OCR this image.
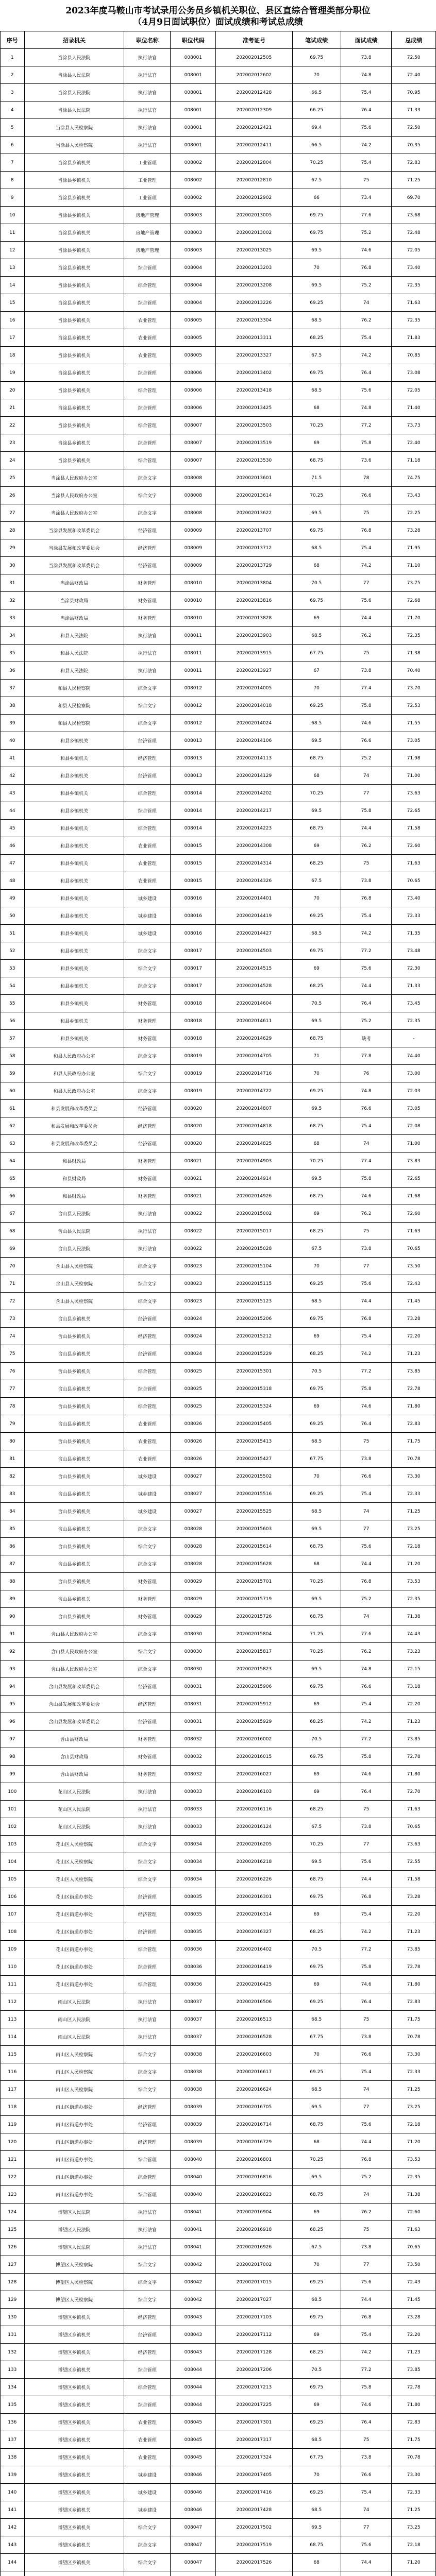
2023年度马鞍山市考试录用公务员乡镇机关职位、县区直综合管理类部分职位
（4月9日面试职位）面试成绩和考试总成绩
序号	招录机关	职位名称	职位代码	准考证号	笔试成绩	面试成绩	总成绩
1	当涂县人民法院	执行法官	008001	202002012505	69.75	73.8	72.50
2	当涂县人民法院	执行法官	008001	202002012602	70	74.8	72.40
3	当涂县人民法院	执行法官	008001	202002012428	66.5	75.4	70.95
4	当涂县人民法院	执行法官	008001	202002012309	66.25	76.4	71.33
5	当涂县人民检察院	执行法官	008001	202002012421	69.4	75.6	72.50
6	当涂县人民检察院	执行法官	008001	202002012411	66.5	74.2	70.35
7	当涂县乡镇机关	工业管理	008002	202002012804	70.25	75.4	72.83
8	当涂县乡镇机关	工业管理	008002	202002012810	67.5	75	71.25
9	当涂县乡镇机关	工业管理	008002	202002012902	66	73.4	69.70
10	当涂县乡镇机关	房地产管理	008003	202002013005	69.75	77.6	73.68
11	当涂县乡镇机关	房地产管理	008003	202002013002	69.75	75.2	72.48
12	当涂县乡镇机关	房地产管理	008003	202002013025	69.5	74.6	72.05
13	当涂县乡镇机关	综合管理	008004	202002013203	70	76.8	73.40
14	当涂县乡镇机关	综合管理	008004	202002013208	69.5	75.2	72.35
15	当涂县乡镇机关	综合管理	008004	202002013226	69.25	74	71.63
16	当涂县乡镇机关	农业管理	008005	202002013304	68.5	76.2	72.35
17	当涂县乡镇机关	农业管理	008005	202002013311	68.25	75.4	71.83
18	当涂县乡镇机关	农业管理	008005	202002013327	67.5	74.2	70.85
19	当涂县乡镇机关	综合管理	008006	202002013402	69.75	76.4	73.08
20	当涂县乡镇机关	综合管理	008006	202002013418	68.5	75.6	72.05
21	当涂县乡镇机关	综合管理	008006	202002013425	68	74.8	71.40
22	当涂县乡镇机关	综合管理	008007	202002013503	70.25	77.2	73.73
23	当涂县乡镇机关	综合管理	008007	202002013519	69	75.8	72.40
24	当涂县乡镇机关	综合管理	008007	202002013530	68.75	73.6	71.18
25	当涂县人民政府办公室	综合文字	008008	202002013601	71.5	78	74.75
26	当涂县人民政府办公室	综合文字	008008	202002013614	70.25	76.6	73.43
27	当涂县人民政府办公室	综合文字	008008	202002013622	69.5	75	72.25
28	当涂县发展和改革委员会	经济管理	008009	202002013707	69.75	76.8	73.28
29	当涂县发展和改革委员会	经济管理	008009	202002013712	68.5	75.4	71.95
30	当涂县发展和改革委员会	经济管理	008009	202002013729	68	74.2	71.10
31	当涂县财政局	财务管理	008010	202002013804	70.5	77	73.75
32	当涂县财政局	财务管理	008010	202002013816	69.75	75.6	72.68
33	当涂县财政局	财务管理	008010	202002013828	69	74.4	71.70
34	和县人民法院	执行法官	008011	202002013903	68.5	76.2	72.35
35	和县人民法院	执行法官	008011	202002013915	67.75	75	71.38
36	和县人民法院	执行法官	008011	202002013927	67	73.8	70.40
37	和县人民检察院	综合文字	008012	202002014005	70	77.4	73.70
38	和县人民检察院	综合文字	008012	202002014018	69.25	75.8	72.53
39	和县人民检察院	综合文字	008012	202002014024	68.5	74.6	71.55
40	和县乡镇机关	经济管理	008013	202002014106	69.5	76.6	73.05
41	和县乡镇机关	经济管理	008013	202002014113	68.75	75.2	71.98
42	和县乡镇机关	经济管理	008013	202002014129	68	74	71.00
43	和县乡镇机关	综合管理	008014	202002014202	70.25	77	73.63
44	和县乡镇机关	综合管理	008014	202002014217	69.5	75.8	72.65
45	和县乡镇机关	综合管理	008014	202002014223	68.75	74.4	71.58
46	和县乡镇机关	农业管理	008015	202002014308	69	76.2	72.60
47	和县乡镇机关	农业管理	008015	202002014314	68.25	75	71.63
48	和县乡镇机关	农业管理	008015	202002014326	67.5	73.8	70.65
49	和县乡镇机关	城乡建设	008016	202002014401	70	76.8	73.40
50	和县乡镇机关	城乡建设	008016	202002014419	69.25	75.4	72.33
51	和县乡镇机关	城乡建设	008016	202002014427	68.5	74.2	71.35
52	和县乡镇机关	综合文字	008017	202002014503	69.75	77.2	73.48
53	和县乡镇机关	综合文字	008017	202002014515	69	75.6	72.30
54	和县乡镇机关	综合文字	008017	202002014528	68.25	74.4	71.33
55	和县乡镇机关	财务管理	008018	202002014604	70.5	76.4	73.45
56	和县乡镇机关	财务管理	008018	202002014611	69.5	75.2	72.35
57	和县乡镇机关	财务管理	008018	202002014629	68.75	缺考	-
58	和县人民政府办公室	综合文字	008019	202002014705	71	77.8	74.40
59	和县人民政府办公室	综合文字	008019	202002014716	70	76	73.00
60	和县人民政府办公室	综合文字	008019	202002014722	69.25	74.8	72.03
61	和县发展和改革委员会	经济管理	008020	202002014807	69.5	76.6	73.05
62	和县发展和改革委员会	经济管理	008020	202002014818	68.75	75.4	72.08
63	和县发展和改革委员会	经济管理	008020	202002014825	68	74	71.00
64	和县财政局	财务管理	008021	202002014903	70.25	77.4	73.83
65	和县财政局	财务管理	008021	202002014914	69.5	75.8	72.65
66	和县财政局	财务管理	008021	202002014926	68.75	74.6	71.68
67	含山县人民法院	执行法官	008022	202002015002	69	76.2	72.60
68	含山县人民法院	执行法官	008022	202002015017	68.25	75	71.63
69	含山县人民法院	执行法官	008022	202002015028	67.5	73.8	70.65
70	含山县人民检察院	综合文字	008023	202002015104	70	77	73.50
71	含山县人民检察院	综合文字	008023	202002015115	69.25	75.6	72.43
72	含山县人民检察院	综合文字	008023	202002015123	68.5	74.4	71.45
73	含山县乡镇机关	经济管理	008024	202002015206	69.75	76.8	73.28
74	含山县乡镇机关	经济管理	008024	202002015212	69	75.4	72.20
75	含山县乡镇机关	经济管理	008024	202002015229	68.25	74.2	71.23
76	含山县乡镇机关	综合管理	008025	202002015301	70.5	77.2	73.85
77	含山县乡镇机关	综合管理	008025	202002015318	69.75	75.8	72.78
78	含山县乡镇机关	综合管理	008025	202002015324	69	74.6	71.80
79	含山县乡镇机关	农业管理	008026	202002015405	69.25	76.4	72.83
80	含山县乡镇机关	农业管理	008026	202002015413	68.5	75	71.75
81	含山县乡镇机关	农业管理	008026	202002015427	67.75	73.8	70.78
82	含山县乡镇机关	城乡建设	008027	202002015502	70	76.6	73.30
83	含山县乡镇机关	城乡建设	008027	202002015516	69.25	75.4	72.33
84	含山县乡镇机关	城乡建设	008027	202002015525	68.5	74	71.25
85	含山县乡镇机关	综合文字	008028	202002015603	69.5	77	73.25
86	含山县乡镇机关	综合文字	008028	202002015614	68.75	75.6	72.18
87	含山县乡镇机关	综合文字	008028	202002015628	68	74.4	71.20
88	含山县乡镇机关	财务管理	008029	202002015701	70.25	76.8	73.53
89	含山县乡镇机关	财务管理	008029	202002015719	69.5	75.2	72.35
90	含山县乡镇机关	财务管理	008029	202002015726	68.75	74	71.38
91	含山县人民政府办公室	综合文字	008030	202002015804	71.25	77.6	74.43
92	含山县人民政府办公室	综合文字	008030	202002015817	70.25	76.2	73.23
93	含山县人民政府办公室	综合文字	008030	202002015823	69.5	74.8	72.15
94	含山县发展和改革委员会	经济管理	008031	202002015906	69.75	76.6	73.18
95	含山县发展和改革委员会	经济管理	008031	202002015912	69	75.4	72.20
96	含山县发展和改革委员会	经济管理	008031	202002015929	68.25	74.2	71.23
97	含山县财政局	财务管理	008032	202002016002	70.5	77.2	73.85
98	含山县财政局	财务管理	008032	202002016015	69.75	75.8	72.78
99	含山县财政局	财务管理	008032	202002016027	69	74.6	71.80
100	花山区人民法院	执行法官	008033	202002016103	69	76.4	72.70
101	花山区人民法院	执行法官	008033	202002016116	68.25	75	71.63
102	花山区人民法院	执行法官	008033	202002016124	67.5	73.8	70.65
103	花山区人民检察院	综合文字	008034	202002016205	70.25	77	73.63
104	花山区人民检察院	综合文字	008034	202002016218	69.5	75.6	72.55
105	花山区人民检察院	综合文字	008034	202002016226	68.75	74.4	71.58
106	花山区街道办事处	经济管理	008035	202002016301	69.75	76.8	73.28
107	花山区街道办事处	经济管理	008035	202002016314	69	75.4	72.20
108	花山区街道办事处	经济管理	008035	202002016327	68.25	74.2	71.23
109	花山区街道办事处	综合管理	008036	202002016402	70.5	77.2	73.85
110	花山区街道办事处	综合管理	008036	202002016419	69.75	75.8	72.78
111	花山区街道办事处	综合管理	008036	202002016425	69	74.6	71.80
112	雨山区人民法院	执行法官	008037	202002016506	69.25	76.4	72.83
113	雨山区人民法院	执行法官	008037	202002016513	68.5	75	71.75
114	雨山区人民法院	执行法官	008037	202002016528	67.75	73.8	70.78
115	雨山区人民检察院	综合文字	008038	202002016603	70	76.6	73.30
116	雨山区人民检察院	综合文字	008038	202002016617	69.25	75.4	72.33
117	雨山区人民检察院	综合文字	008038	202002016624	68.5	74	71.25
118	雨山区街道办事处	经济管理	008039	202002016705	69.5	77	73.25
119	雨山区街道办事处	经济管理	008039	202002016714	68.75	75.6	72.18
120	雨山区街道办事处	经济管理	008039	202002016729	68	74.4	71.20
121	雨山区街道办事处	综合管理	008040	202002016801	70.25	76.8	73.53
122	雨山区街道办事处	综合管理	008040	202002016816	69.5	75.2	72.35
123	雨山区街道办事处	综合管理	008040	202002016823	68.75	74	71.38
124	博望区人民法院	执行法官	008041	202002016904	69	76.2	72.60
125	博望区人民法院	执行法官	008041	202002016918	68.25	75	71.63
126	博望区人民法院	执行法官	008041	202002016926	67.5	73.8	70.65
127	博望区人民检察院	综合文字	008042	202002017002	70	77	73.50
128	博望区人民检察院	综合文字	008042	202002017015	69.25	75.6	72.43
129	博望区人民检察院	综合文字	008042	202002017027	68.5	74.4	71.45
130	博望区乡镇机关	经济管理	008043	202002017103	69.75	76.8	73.28
131	博望区乡镇机关	经济管理	008043	202002017112	69	75.4	72.20
132	博望区乡镇机关	经济管理	008043	202002017128	68.25	74.2	71.23
133	博望区乡镇机关	综合管理	008044	202002017206	70.5	77.2	73.85
134	博望区乡镇机关	综合管理	008044	202002017213	69.75	75.8	72.78
135	博望区乡镇机关	综合管理	008044	202002017225	69	74.6	71.80
136	博望区乡镇机关	农业管理	008045	202002017301	69.25	76.4	72.83
137	博望区乡镇机关	农业管理	008045	202002017317	68.5	75	71.75
138	博望区乡镇机关	农业管理	008045	202002017324	67.75	73.8	70.78
139	博望区乡镇机关	城乡建设	008046	202002017405	70	76.6	73.30
140	博望区乡镇机关	城乡建设	008046	202002017416	69.25	75.4	72.33
141	博望区乡镇机关	城乡建设	008046	202002017428	68.5	74	71.25
142	博望区乡镇机关	综合文字	008047	202002017502	69.5	77	73.25
143	博望区乡镇机关	综合文字	008047	202002017519	68.75	75.6	72.18
144	博望区乡镇机关	综合文字	008047	202002017526	68	74.4	71.20
